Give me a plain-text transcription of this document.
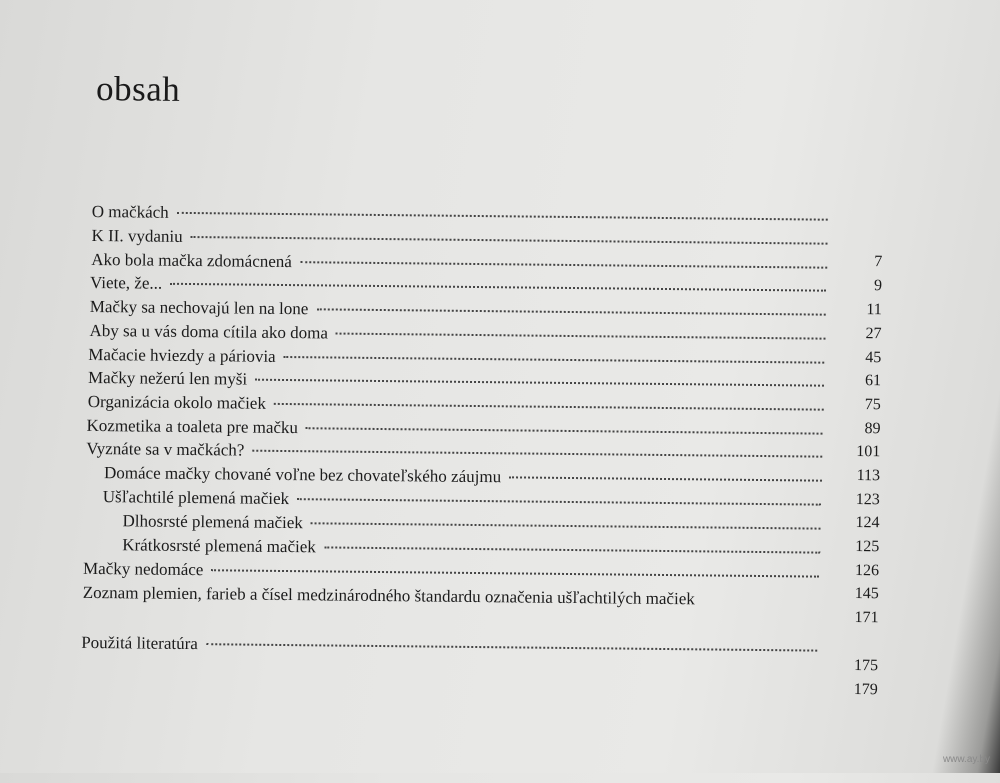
obsah
O mačkách
K II. vydaniu
Ako bola mačka zdomácnená
Viete, že...
Mačky sa nechovajú len na lone
Aby sa u vás doma cítila ako doma
Mačacie hviezdy a páriovia
Mačky nežerú len myši
Organizácia okolo mačiek
Kozmetika a toaleta pre mačku
Vyznáte sa v mačkách?
Domáce mačky chované voľne bez chovateľského záujmu
Ušľachtilé plemená mačiek
Dlhosrsté plemená mačiek
Krátkosrsté plemená mačiek
Mačky nedomáce
Zoznam plemien, farieb a čísel medzinárodného štandardu označenia ušľachtilých mačiek
Použitá literatúra
7
9
11
27
45
61
75
89
101
113
123
124
125
126
145
171
175
179
www.ay.by
